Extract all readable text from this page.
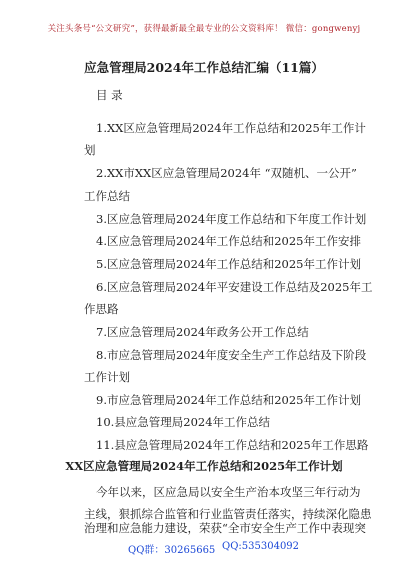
关注头条号“公文研究”，获得最新最全最专业的公文资料库！ 微信：gongwenyj
应急管理局2024年工作总结汇编（11篇）
目 录
1.XX区应急管理局2024年工作总结和2025年工作计
划
2.XX市XX区应急管理局2024年 “双随机、一公开”
工作总结
3.区应急管理局2024年度工作总结和下年度工作计划
4.区应急管理局2024年工作总结和2025年工作安排
5.区应急管理局2024年工作总结和2025年工作计划
6.区应急管理局2024年平安建设工作总结及2025年工
作思路
7.区应急管理局2024年政务公开工作总结
8.市应急管理局2024年度安全生产工作总结及下阶段
工作计划
9.市应急管理局2024年工作总结和2025年工作计划
10.县应急管理局2024年工作总结
11.县应急管理局2024年工作总结和2025年工作思路
XX区应急管理局2024年工作总结和2025年工作计划
今年以来，区应急局以安全生产治本攻坚三年行动为
主线，狠抓综合监管和行业监管责任落实，持续深化隐患
治理和应急能力建设，荣获“全市安全生产工作中表现突
QQ群：30265665 QQ:535304092
